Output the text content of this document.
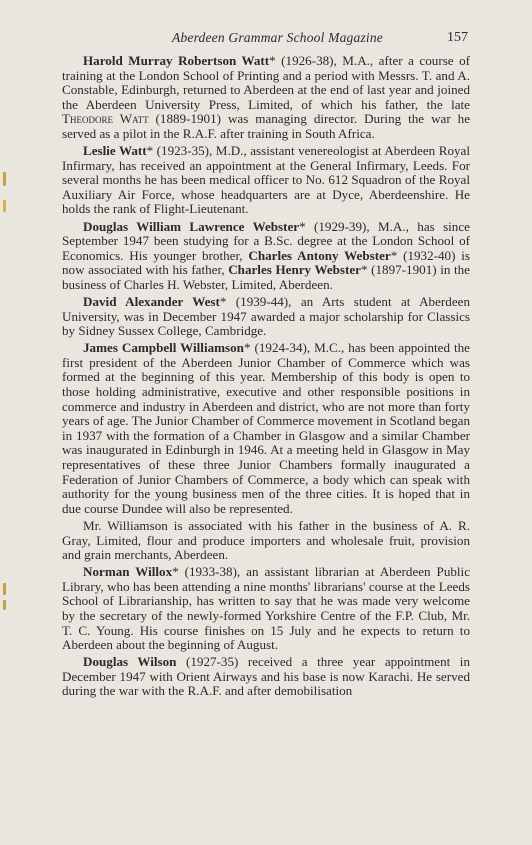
Aberdeen Grammar School Magazine	157

Harold Murray Robertson Watt* (1926-38), M.A., after a course of training at the London School of Printing and a period with Messrs. T. and A. Constable, Edinburgh, returned to Aberdeen at the end of last year and joined the Aberdeen University Press, Limited, of which his father, the late Theodore Watt (1889-1901) was managing director. During the war he served as a pilot in the R.A.F. after training in South Africa.

Leslie Watt* (1923-35), M.D., assistant venereologist at Aberdeen Royal Infirmary, has received an appointment at the General Infirmary, Leeds. For several months he has been medical officer to No. 612 Squadron of the Royal Auxiliary Air Force, whose headquarters are at Dyce, Aberdeenshire. He holds the rank of Flight-Lieutenant.

Douglas William Lawrence Webster* (1929-39), M.A., has since September 1947 been studying for a B.Sc. degree at the London School of Economics. His younger brother, Charles Antony Webster* (1932-40) is now associated with his father, Charles Henry Webster* (1897-1901) in the business of Charles H. Webster, Limited, Aberdeen.

David Alexander West* (1939-44), an Arts student at Aberdeen University, was in December 1947 awarded a major scholarship for Classics by Sidney Sussex College, Cambridge.

James Campbell Williamson* (1924-34), M.C., has been appointed the first president of the Aberdeen Junior Chamber of Commerce which was formed at the beginning of this year. Membership of this body is open to those holding administrative, executive and other responsible positions in commerce and industry in Aberdeen and district, who are not more than forty years of age. The Junior Chamber of Commerce movement in Scotland began in 1937 with the formation of a Chamber in Glasgow and a similar Chamber was inaugurated in Edinburgh in 1946. At a meeting held in Glasgow in May representatives of these three Junior Chambers formally inaugurated a Federation of Junior Chambers of Commerce, a body which can speak with authority for the young business men of the three cities. It is hoped that in due course Dundee will also be represented.

Mr. Williamson is associated with his father in the business of A. R. Gray, Limited, flour and produce importers and wholesale fruit, provision and grain merchants, Aberdeen.

Norman Willox* (1933-38), an assistant librarian at Aberdeen Public Library, who has been attending a nine months' librarians' course at the Leeds School of Librarianship, has written to say that he was made very welcome by the secretary of the newly-formed Yorkshire Centre of the F.P. Club, Mr. T. C. Young. His course finishes on 15 July and he expects to return to Aberdeen about the beginning of August.

Douglas Wilson (1927-35) received a three year appointment in December 1947 with Orient Airways and his base is now Karachi. He served during the war with the R.A.F. and after demobilisation
